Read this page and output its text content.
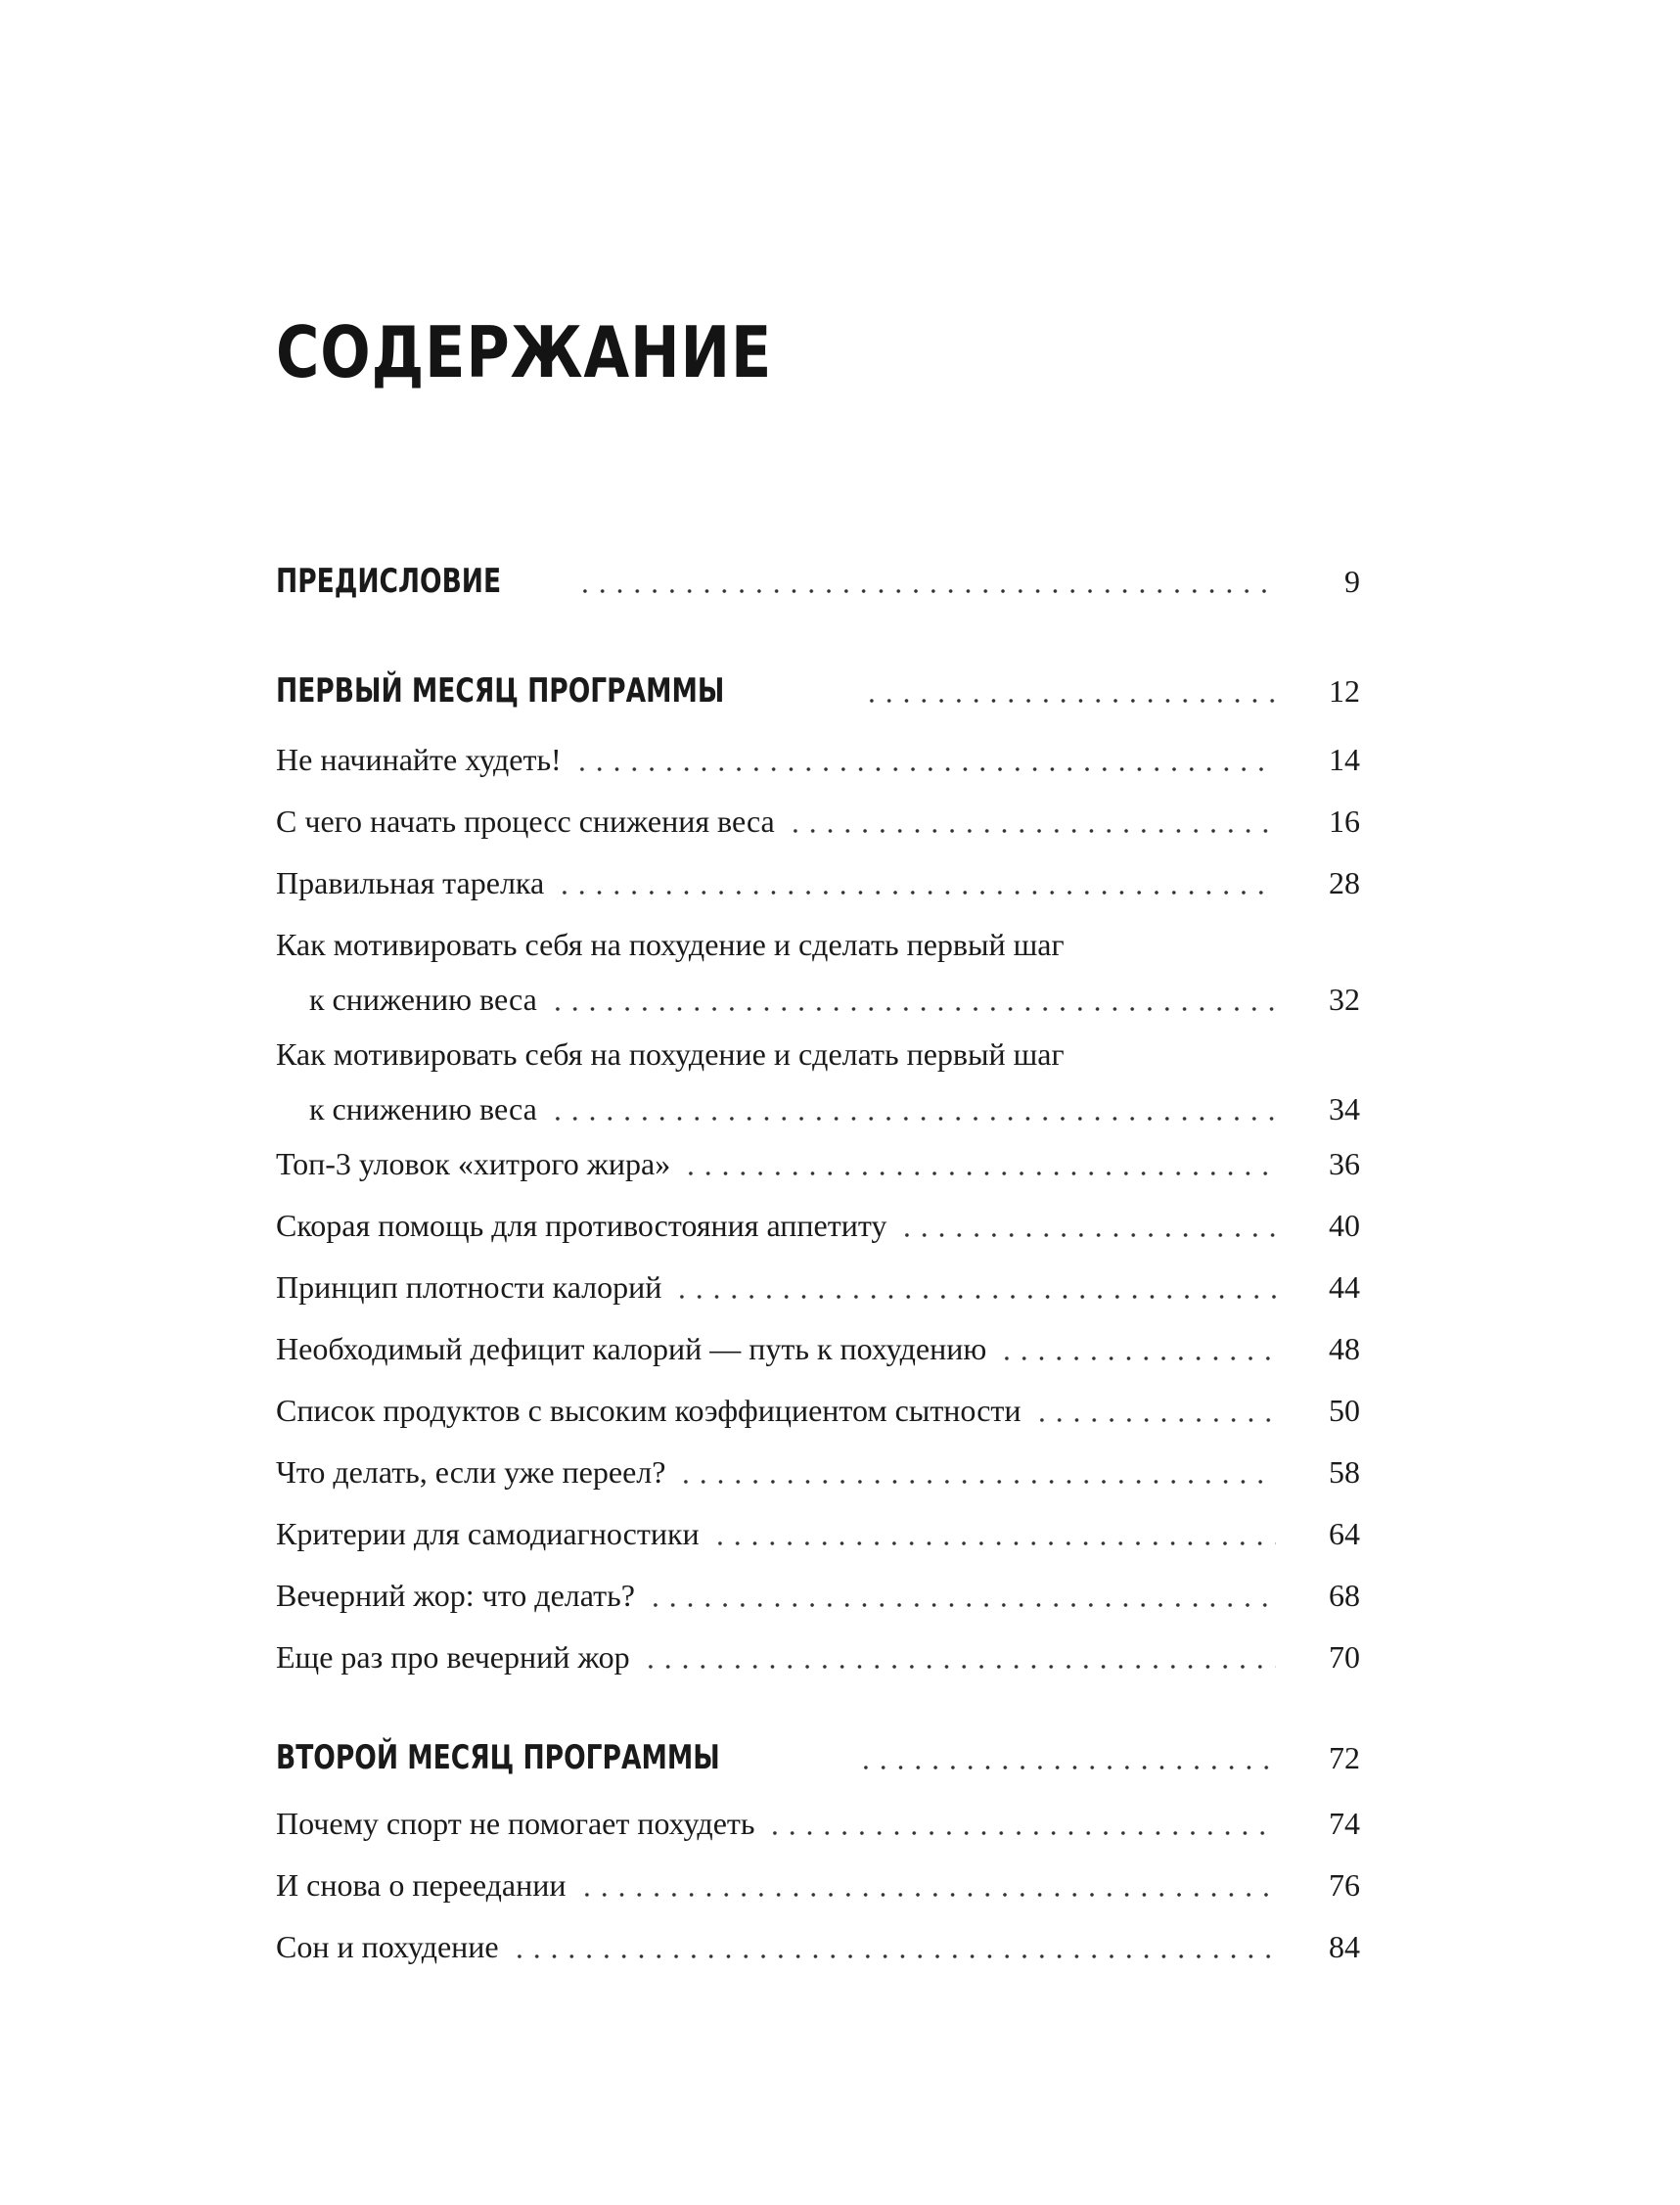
СОДЕРЖАНИЕ
ПРЕДИСЛОВИЕ	9
ПЕРВЫЙ МЕСЯЦ ПРОГРАММЫ	12
Не начинайте худеть!	14
С чего начать процесс снижения веса	16
Правильная тарелка	28
Как мотивировать себя на похудение и сделать первый шаг
к снижению веса	32
Как мотивировать себя на похудение и сделать первый шаг
к снижению веса	34
Топ-3 уловок «хитрого жира»	36
Скорая помощь для противостояния аппетиту	40
Принцип плотности калорий	44
Необходимый дефицит калорий — путь к похудению	48
Список продуктов с высоким коэффициентом сытности	50
Что делать, если уже переел?	58
Критерии для самодиагностики	64
Вечерний жор: что делать?	68
Еще раз про вечерний жор	70
ВТОРОЙ МЕСЯЦ ПРОГРАММЫ	72
Почему спорт не помогает похудеть	74
И снова о переедании	76
Сон и похудение	84
